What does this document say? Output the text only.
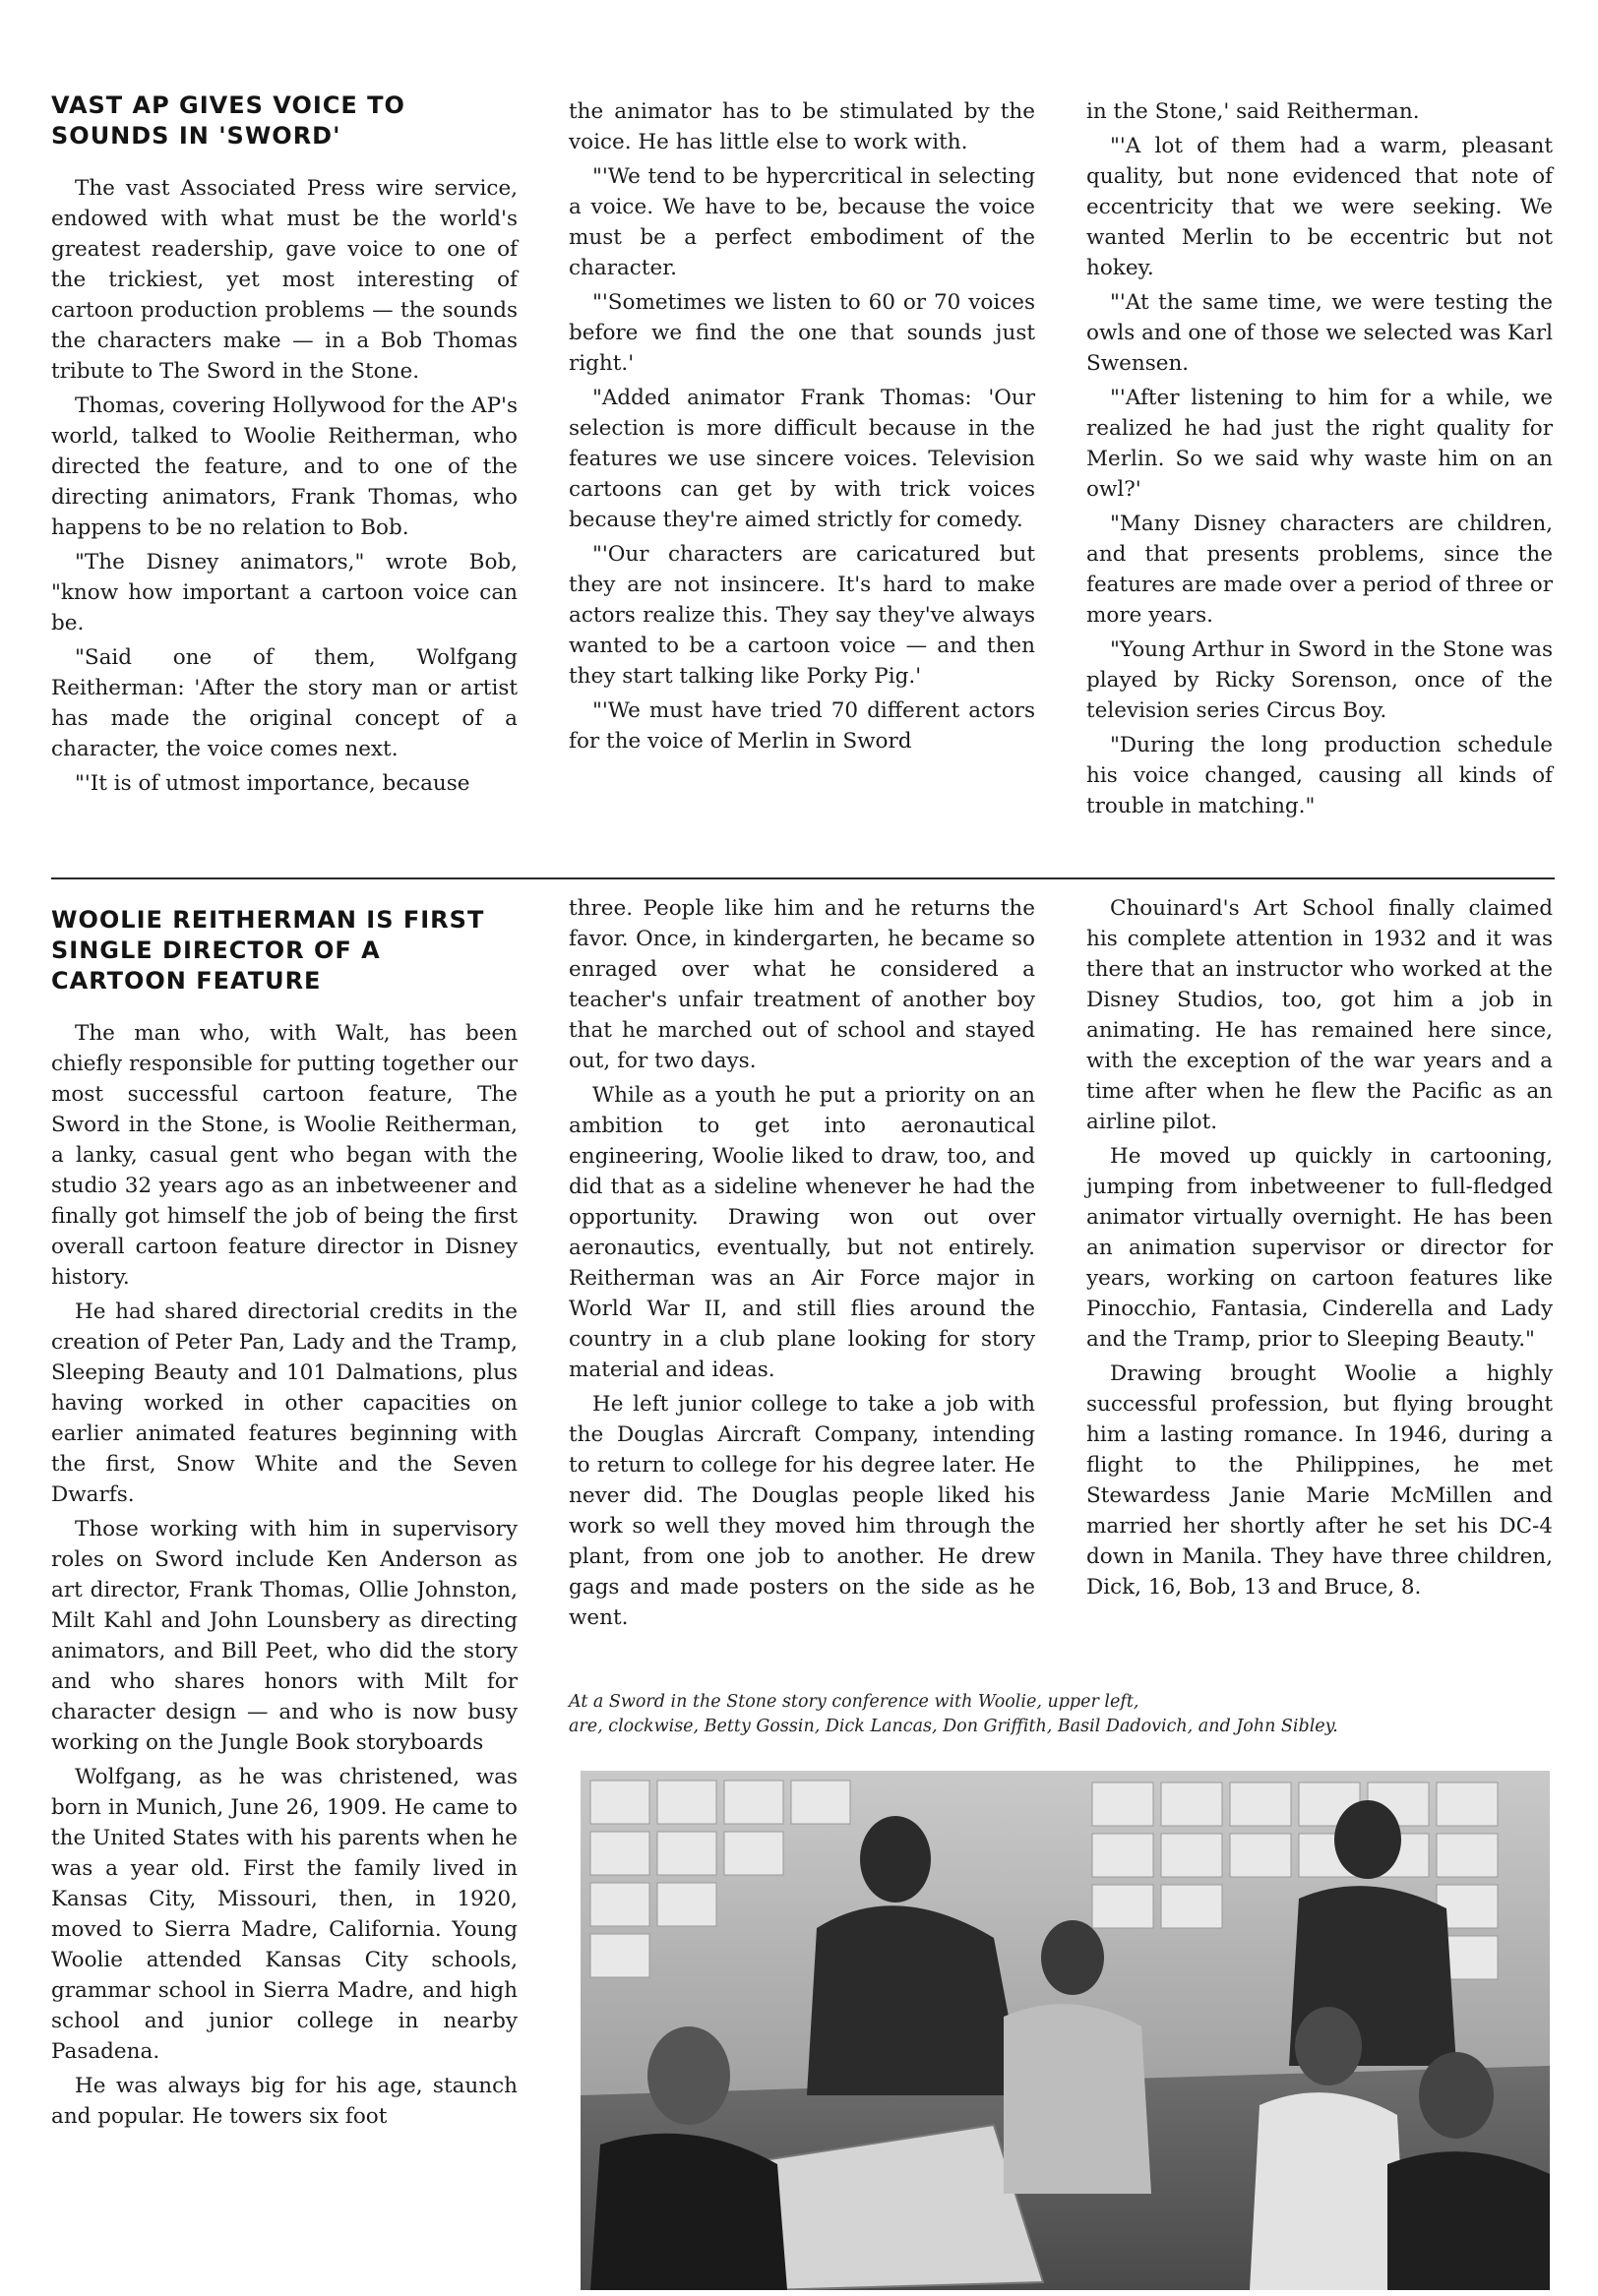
VAST AP GIVES VOICE TO SOUNDS IN 'SWORD'

The vast Associated Press wire service, endowed with what must be the world's greatest readership, gave voice to one of the trickiest, yet most interesting of cartoon production problems — the sounds the characters make — in a Bob Thomas tribute to The Sword in the Stone.

Thomas, covering Hollywood for the AP's world, talked to Woolie Reitherman, who directed the feature, and to one of the directing animators, Frank Thomas, who happens to be no relation to Bob.

"The Disney animators," wrote Bob, "know how important a cartoon voice can be.

"Said one of them, Wolfgang Reitherman: 'After the story man or artist has made the original concept of a character, the voice comes next.

"'It is of utmost importance, because

the animator has to be stimulated by the voice. He has little else to work with.

"'We tend to be hypercritical in selecting a voice. We have to be, because the voice must be a perfect embodiment of the character.

"'Sometimes we listen to 60 or 70 voices before we find the one that sounds just right.'

"Added animator Frank Thomas: 'Our selection is more difficult because in the features we use sincere voices. Television cartoons can get by with trick voices because they're aimed strictly for comedy.

"'Our characters are caricatured but they are not insincere. It's hard to make actors realize this. They say they've always wanted to be a cartoon voice — and then they start talking like Porky Pig.'

"'We must have tried 70 different actors for the voice of Merlin in Sword

in the Stone,' said Reitherman.

"'A lot of them had a warm, pleasant quality, but none evidenced that note of eccentricity that we were seeking. We wanted Merlin to be eccentric but not hokey.

"'At the same time, we were testing the owls and one of those we selected was Karl Swensen.

"'After listening to him for a while, we realized he had just the right quality for Merlin. So we said why waste him on an owl?'

"Many Disney characters are children, and that presents problems, since the features are made over a period of three or more years.

"Young Arthur in Sword in the Stone was played by Ricky Sorenson, once of the television series Circus Boy.

"During the long production schedule his voice changed, causing all kinds of trouble in matching."

WOOLIE REITHERMAN IS FIRST SINGLE DIRECTOR OF A CARTOON FEATURE

The man who, with Walt, has been chiefly responsible for putting together our most successful cartoon feature, The Sword in the Stone, is Woolie Reitherman, a lanky, casual gent who began with the studio 32 years ago as an inbetweener and finally got himself the job of being the first overall cartoon feature director in Disney history.

He had shared directorial credits in the creation of Peter Pan, Lady and the Tramp, Sleeping Beauty and 101 Dalmations, plus having worked in other capacities on earlier animated features beginning with the first, Snow White and the Seven Dwarfs.

Those working with him in supervisory roles on Sword include Ken Anderson as art director, Frank Thomas, Ollie Johnston, Milt Kahl and John Lounsbery as directing animators, and Bill Peet, who did the story and who shares honors with Milt for character design — and who is now busy working on the Jungle Book storyboards

Wolfgang, as he was christened, was born in Munich, June 26, 1909. He came to the United States with his parents when he was a year old. First the family lived in Kansas City, Missouri, then, in 1920, moved to Sierra Madre, California. Young Woolie attended Kansas City schools, grammar school in Sierra Madre, and high school and junior college in nearby Pasadena.

He was always big for his age, staunch and popular. He towers six foot

three. People like him and he returns the favor. Once, in kindergarten, he became so enraged over what he considered a teacher's unfair treatment of another boy that he marched out of school and stayed out, for two days.

While as a youth he put a priority on an ambition to get into aeronautical engineering, Woolie liked to draw, too, and did that as a sideline whenever he had the opportunity. Drawing won out over aeronautics, eventually, but not entirely. Reitherman was an Air Force major in World War II, and still flies around the country in a club plane looking for story material and ideas.

He left junior college to take a job with the Douglas Aircraft Company, intending to return to college for his degree later. He never did. The Douglas people liked his work so well they moved him through the plant, from one job to another. He drew gags and made posters on the side as he went.

Chouinard's Art School finally claimed his complete attention in 1932 and it was there that an instructor who worked at the Disney Studios, too, got him a job in animating. He has remained here since, with the exception of the war years and a time after when he flew the Pacific as an airline pilot.

He moved up quickly in cartooning, jumping from inbetweener to full-fledged animator virtually overnight. He has been an animation supervisor or director for years, working on cartoon features like Pinocchio, Fantasia, Cinderella and Lady and the Tramp, prior to Sleeping Beauty."

Drawing brought Woolie a highly successful profession, but flying brought him a lasting romance. In 1946, during a flight to the Philippines, he met Stewardess Janie Marie McMillen and married her shortly after he set his DC-4 down in Manila. They have three children, Dick, 16, Bob, 13 and Bruce, 8.

At a Sword in the Stone story conference with Woolie, upper left,
are, clockwise, Betty Gossin, Dick Lancas, Don Griffith, Basil Dadovich, and John Sibley.
